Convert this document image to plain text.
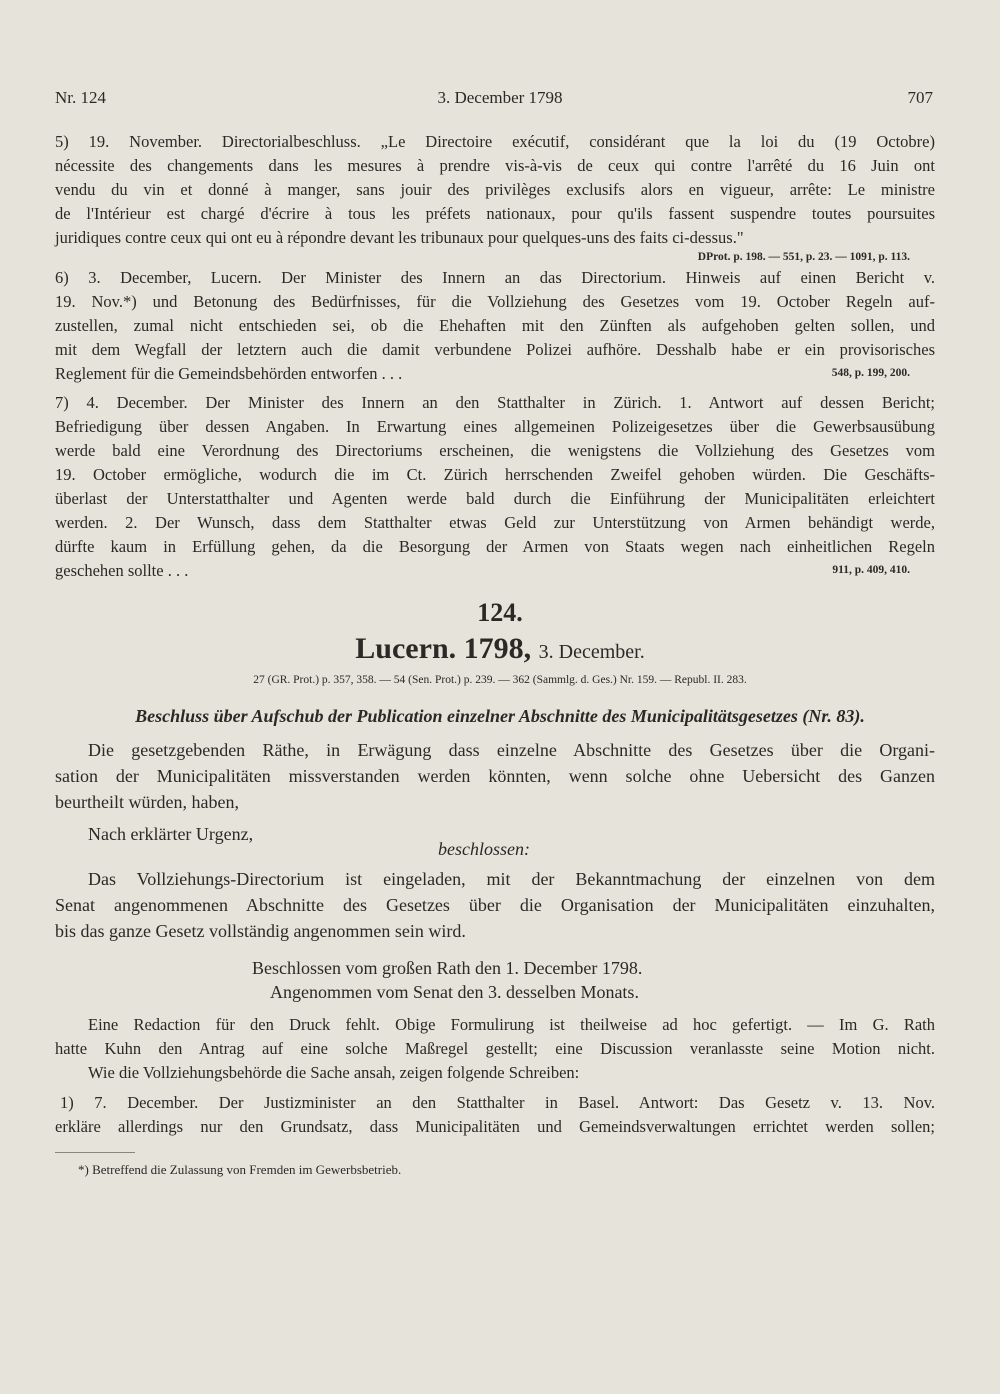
Nr. 124	3. December 1798	707
5) 19. November. Directorialbeschluss. „Le Directoire exécutif, considérant que la loi du (19 Octobre)
nécessite des changements dans les mesures à prendre vis-à-vis de ceux qui contre l'arrêté du 16 Juin ont
vendu du vin et donné à manger, sans jouir des privilèges exclusifs alors en vigueur, arrête: Le ministre
de l'Intérieur est chargé d'écrire à tous les préfets nationaux, pour qu'ils fassent suspendre toutes poursuites
juridiques contre ceux qui ont eu à répondre devant les tribunaux pour quelques-uns des faits ci-dessus."
DProt. p. 198. — 551, p. 23. — 1091, p. 113.
6) 3. December, Lucern. Der Minister des Innern an das Directorium. Hinweis auf einen Bericht v.
19. Nov.*) und Betonung des Bedürfnisses, für die Vollziehung des Gesetzes vom 19. October Regeln auf-
zustellen, zumal nicht entschieden sei, ob die Ehehaften mit den Zünften als aufgehoben gelten sollen, und
mit dem Wegfall der letztern auch die damit verbundene Polizei aufhöre. Desshalb habe er ein provisorisches
Reglement für die Gemeindsbehörden entworfen . . .	548, p. 199, 200.
7) 4. December. Der Minister des Innern an den Statthalter in Zürich. 1. Antwort auf dessen Bericht;
Befriedigung über dessen Angaben. In Erwartung eines allgemeinen Polizeigesetzes über die Gewerbsausübung
werde bald eine Verordnung des Directoriums erscheinen, die wenigstens die Vollziehung des Gesetzes vom
19. October ermögliche, wodurch die im Ct. Zürich herrschenden Zweifel gehoben würden. Die Geschäfts-
überlast der Unterstatthalter und Agenten werde bald durch die Einführung der Municipalitäten erleichtert
werden. 2. Der Wunsch, dass dem Statthalter etwas Geld zur Unterstützung von Armen behändigt werde,
dürfte kaum in Erfüllung gehen, da die Besorgung der Armen von Staats wegen nach einheitlichen Regeln
geschehen sollte . . .	911, p. 409, 410.
124.
Lucern. 1798, 3. December.
27 (GR. Prot.) p. 357, 358. — 54 (Sen. Prot.) p. 239. — 362 (Sammlg. d. Ges.) Nr. 159. — Republ. II. 283.
Beschluss über Aufschub der Publication einzelner Abschnitte des Municipalitätsgesetzes (Nr. 83).
Die gesetzgebenden Räthe, in Erwägung dass einzelne Abschnitte des Gesetzes über die Organi-
sation der Municipalitäten missverstanden werden könnten, wenn solche ohne Uebersicht des Ganzen
beurtheilt würden, haben,
Nach erklärter Urgenz,
beschlossen:
Das Vollziehungs-Directorium ist eingeladen, mit der Bekanntmachung der einzelnen von dem
Senat angenommenen Abschnitte des Gesetzes über die Organisation der Municipalitäten einzuhalten,
bis das ganze Gesetz vollständig angenommen sein wird.
Beschlossen vom großen Rath den 1. December 1798.
Angenommen vom Senat den 3. desselben Monats.
Eine Redaction für den Druck fehlt. Obige Formulirung ist theilweise ad hoc gefertigt. — Im G. Rath
hatte Kuhn den Antrag auf eine solche Maßregel gestellt; eine Discussion veranlasste seine Motion nicht.
Wie die Vollziehungsbehörde die Sache ansah, zeigen folgende Schreiben:
1) 7. December. Der Justizminister an den Statthalter in Basel. Antwort: Das Gesetz v. 13. Nov.
erkläre allerdings nur den Grundsatz, dass Municipalitäten und Gemeindsverwaltungen errichtet werden sollen;
*) Betreffend die Zulassung von Fremden im Gewerbsbetrieb.
